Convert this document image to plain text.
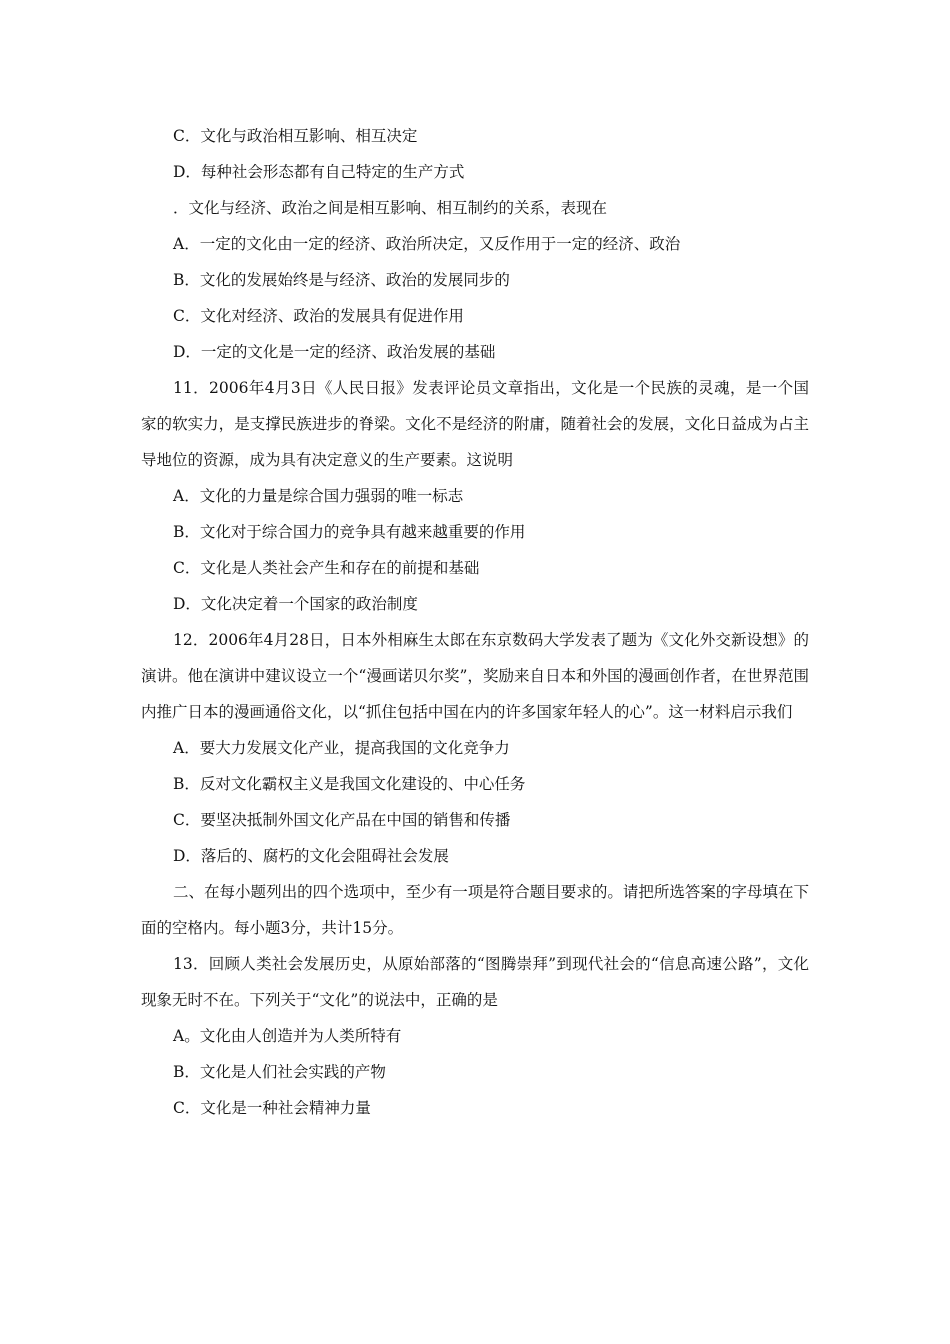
C．文化与政治相互影响、相互决定
D．每种社会形态都有自己特定的生产方式
．文化与经济、政治之间是相互影响、相互制约的关系，表现在
A．一定的文化由一定的经济、政治所决定，又反作用于一定的经济、政治
B．文化的发展始终是与经济、政治的发展同步的
C．文化对经济、政治的发展具有促进作用
D．一定的文化是一定的经济、政治发展的基础
11．2006年4月3日《人民日报》发表评论员文章指出，文化是一个民族的灵魂，是一个国家的软实力，是支撑民族进步的脊梁。文化不是经济的附庸，随着社会的发展，文化日益成为占主导地位的资源，成为具有决定意义的生产要素。这说明
A．文化的力量是综合国力强弱的唯一标志
B．文化对于综合国力的竞争具有越来越重要的作用
C．文化是人类社会产生和存在的前提和基础
D．文化决定着一个国家的政治制度
12．2006年4月28日，日本外相麻生太郎在东京数码大学发表了题为《文化外交新设想》的演讲。他在演讲中建议设立一个“漫画诺贝尔奖”，奖励来自日本和外国的漫画创作者，在世界范围内推广日本的漫画通俗文化，以“抓住包括中国在内的许多国家年轻人的心”。这一材料启示我们
A．要大力发展文化产业，提高我国的文化竞争力
B．反对文化霸权主义是我国文化建设的、中心任务
C．要坚决抵制外国文化产品在中国的销售和传播
D．落后的、腐朽的文化会阻碍社会发展
二、在每小题列出的四个选项中，至少有一项是符合题目要求的。请把所选答案的字母填在下面的空格内。每小题3分，共计15分。
13．回顾人类社会发展历史，从原始部落的“图腾崇拜”到现代社会的“信息高速公路”，文化现象无时不在。下列关于“文化”的说法中，正确的是
A。文化由人创造并为人类所特有
B．文化是人们社会实践的产物
C．文化是一种社会精神力量
